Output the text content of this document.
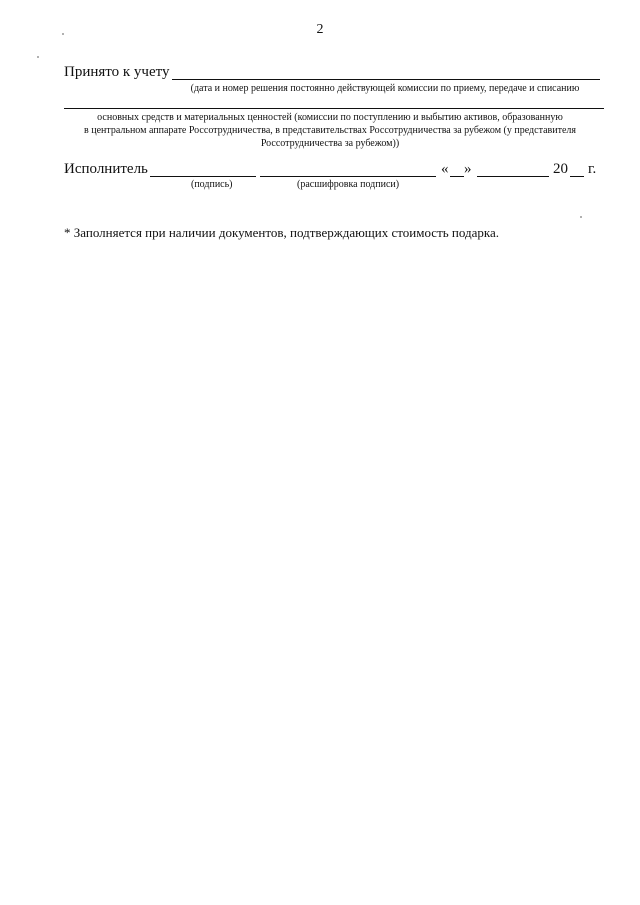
2
Принято к учету
(дата и номер решения постоянно действующей комиссии по приему, передаче и списанию
основных средств и материальных ценностей (комиссии по поступлению и выбытию активов, образованную
в центральном аппарате Россотрудничества, в представительствах Россотрудничества за рубежом (у представителя
Россотрудничества за рубежом))
Исполнитель	« »	20 г.
(подпись)	(расшифровка подписи)
* Заполняется при наличии документов, подтверждающих стоимость подарка.
